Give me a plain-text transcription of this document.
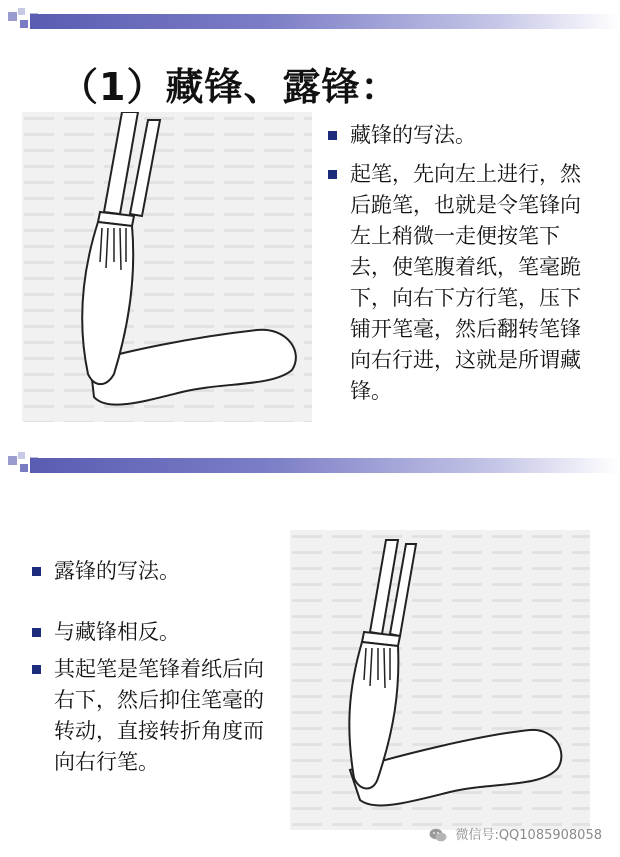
（1）藏锋、露锋：
藏锋的写法。
起笔，先向左上进行，然后跪笔，也就是令笔锋向左上稍微一走便按笔下去，使笔腹着纸，笔毫跪下，向右下方行笔，压下铺开笔毫，然后翻转笔锋向右行进，这就是所谓藏锋。
露锋的写法。
与藏锋相反。
其起笔是笔锋着纸后向右下，然后抑住笔毫的转动，直接转折角度而向右行笔。
微信号:QQ1085908058
